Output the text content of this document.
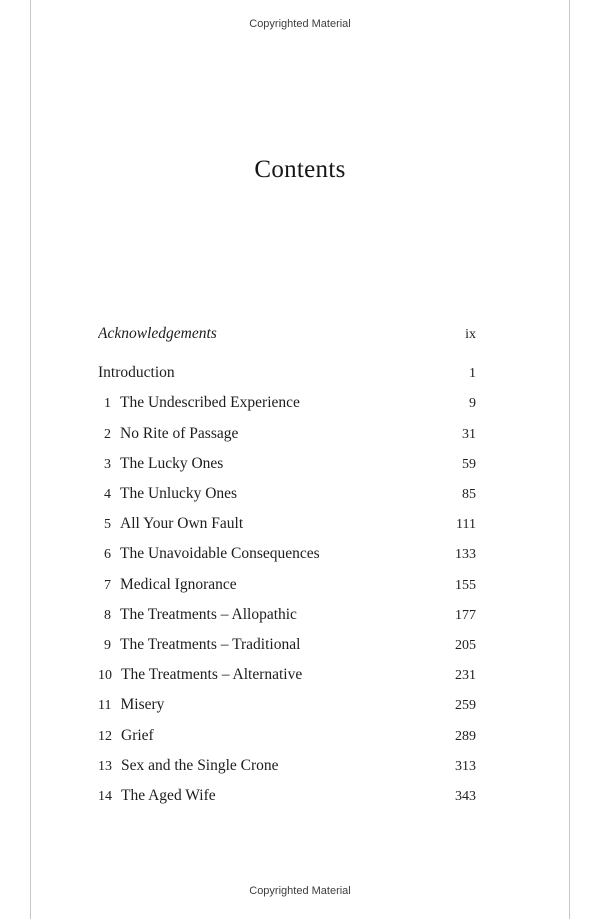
Copyrighted Material
Contents
Acknowledgements	ix
Introduction	1
1 The Undescribed Experience	9
2 No Rite of Passage	31
3 The Lucky Ones	59
4 The Unlucky Ones	85
5 All Your Own Fault	111
6 The Unavoidable Consequences	133
7 Medical Ignorance	155
8 The Treatments – Allopathic	177
9 The Treatments – Traditional	205
10 The Treatments – Alternative	231
11 Misery	259
12 Grief	289
13 Sex and the Single Crone	313
14 The Aged Wife	343
Copyrighted Material
